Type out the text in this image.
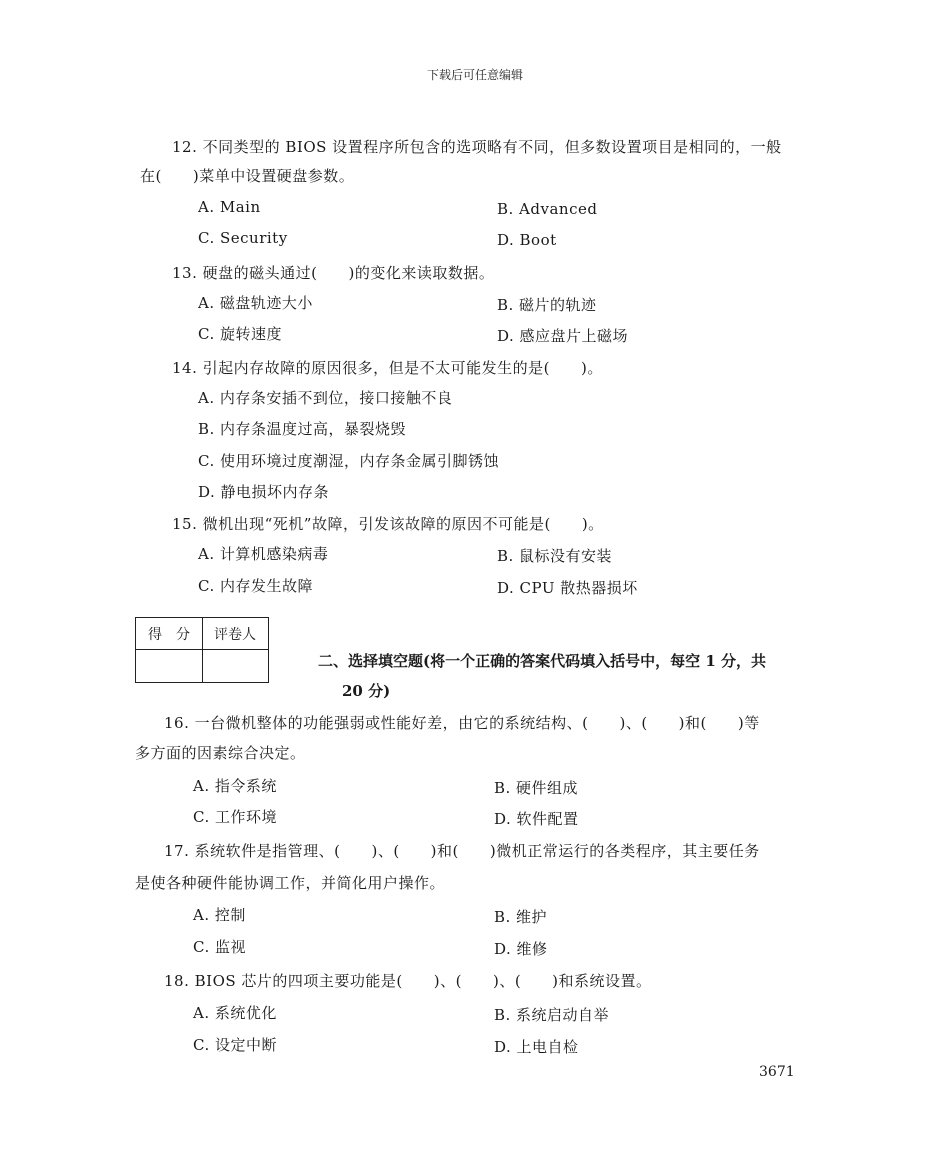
下载后可任意编辑
12. 不同类型的 BIOS 设置程序所包含的选项略有不同，但多数设置项目是相同的，一般
在(　　)菜单中设置硬盘参数。
A. Main	B. Advanced
C. Security	D. Boot
13. 硬盘的磁头通过(　　)的变化来读取数据。
A. 磁盘轨迹大小	B. 磁片的轨迹
C. 旋转速度	D. 感应盘片上磁场
14. 引起内存故障的原因很多，但是不太可能发生的是(　　)。
A. 内存条安插不到位，接口接触不良
B. 内存条温度过高，暴裂烧毁
C. 使用环境过度潮湿，内存条金属引脚锈蚀
D. 静电损坏内存条
15. 微机出现“死机”故障，引发该故障的原因不可能是(　　)。
A. 计算机感染病毒	B. 鼠标没有安装
C. 内存发生故障	D. CPU 散热器损坏
得　分	评卷人
二、选择填空题(将一个正确的答案代码填入括号中，每空 1 分，共
20 分)
16. 一台微机整体的功能强弱或性能好差，由它的系统结构、(　　)、(　　)和(　　)等
多方面的因素综合决定。
A. 指令系统	B. 硬件组成
C. 工作环境	D. 软件配置
17. 系统软件是指管理、(　　)、(　　)和(　　)微机正常运行的各类程序，其主要任务
是使各种硬件能协调工作，并简化用户操作。
A. 控制	B. 维护
C. 监视	D. 维修
18. BIOS 芯片的四项主要功能是(　　)、(　　)、(　　)和系统设置。
A. 系统优化	B. 系统启动自举
C. 设定中断	D. 上电自检
3671
